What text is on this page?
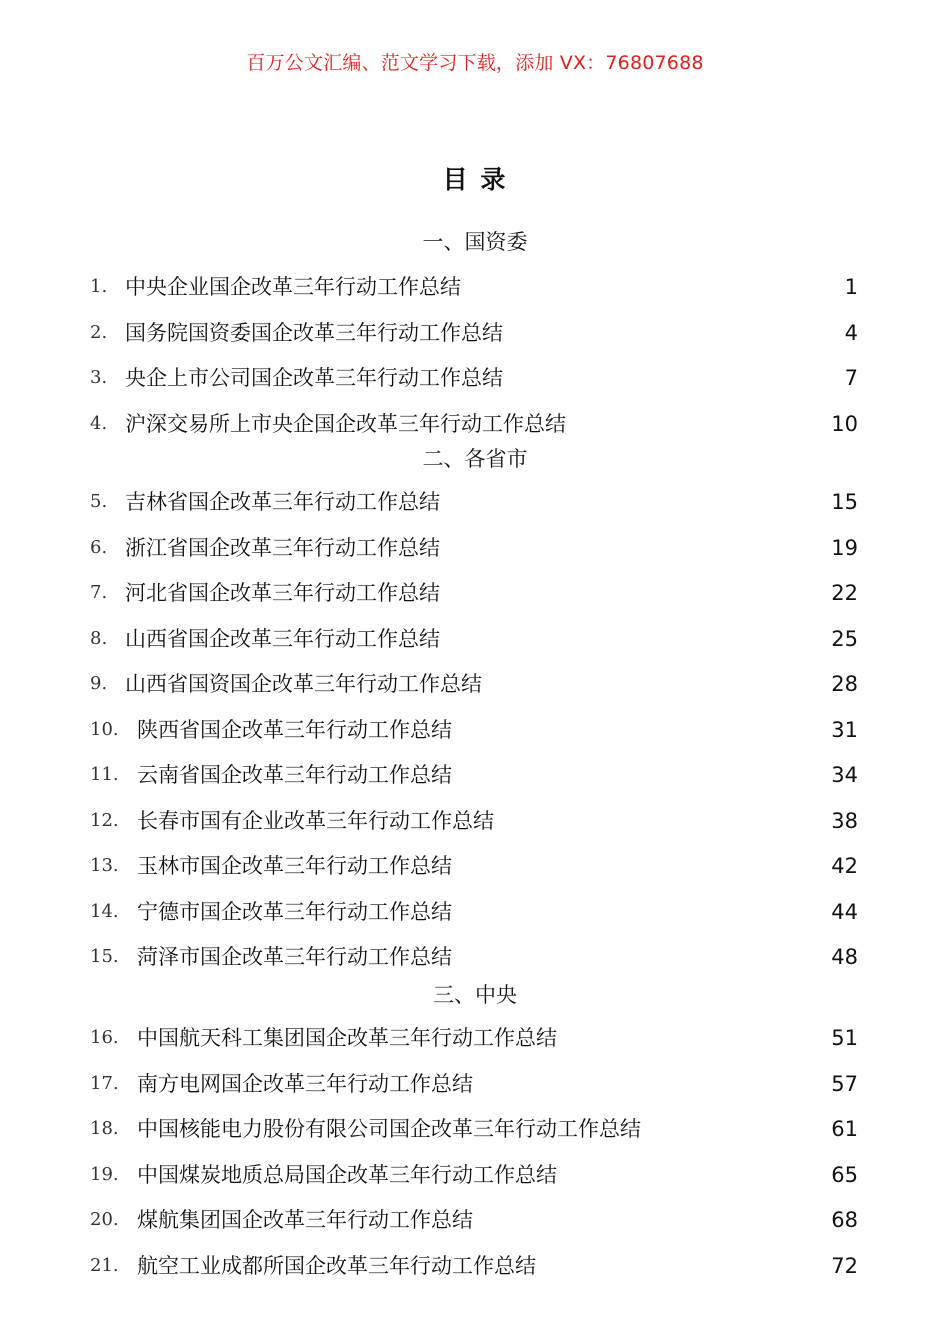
百万公文汇编、范文学习下载，添加 VX：76807688
目 录
一、国资委
1. 中央企业国企改革三年行动工作总结	1
2. 国务院国资委国企改革三年行动工作总结	4
3. 央企上市公司国企改革三年行动工作总结	7
4. 沪深交易所上市央企国企改革三年行动工作总结	10
二、各省市
5. 吉林省国企改革三年行动工作总结	15
6. 浙江省国企改革三年行动工作总结	19
7. 河北省国企改革三年行动工作总结	22
8. 山西省国企改革三年行动工作总结	25
9. 山西省国资国企改革三年行动工作总结	28
10. 陕西省国企改革三年行动工作总结	31
11. 云南省国企改革三年行动工作总结	34
12. 长春市国有企业改革三年行动工作总结	38
13. 玉林市国企改革三年行动工作总结	42
14. 宁德市国企改革三年行动工作总结	44
15. 菏泽市国企改革三年行动工作总结	48
三、中央
16. 中国航天科工集团国企改革三年行动工作总结	51
17. 南方电网国企改革三年行动工作总结	57
18. 中国核能电力股份有限公司国企改革三年行动工作总结	61
19. 中国煤炭地质总局国企改革三年行动工作总结	65
20. 煤航集团国企改革三年行动工作总结	68
21. 航空工业成都所国企改革三年行动工作总结	72
